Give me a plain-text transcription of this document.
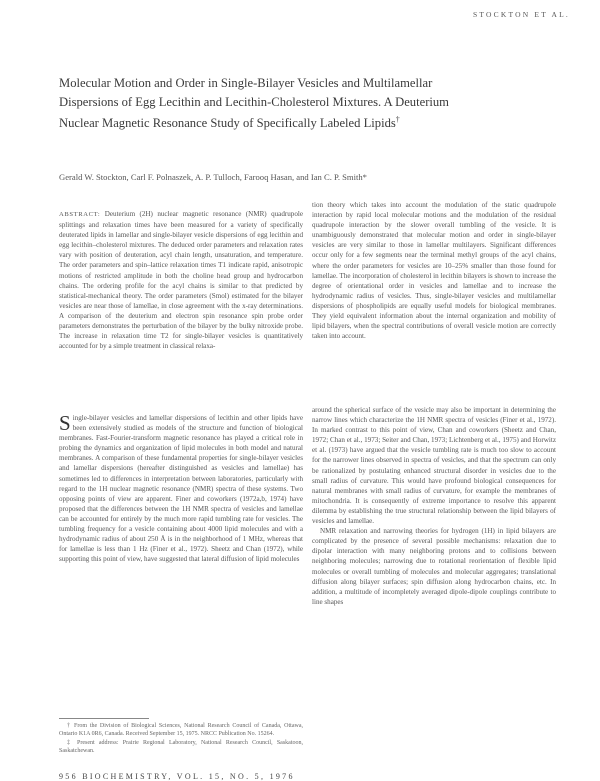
STOCKTON ET AL.
Molecular Motion and Order in Single-Bilayer Vesicles and Multilamellar Dispersions of Egg Lecithin and Lecithin-Cholesterol Mixtures. A Deuterium Nuclear Magnetic Resonance Study of Specifically Labeled Lipids†
Gerald W. Stockton, Carl F. Polnaszek, A. P. Tulloch, Farooq Hasan, and Ian C. P. Smith*

ABSTRACT: Deuterium (2H) nuclear magnetic resonance (NMR) quadrupole splittings and relaxation times have been measured for a variety of specifically deuterated lipids in lamellar and single-bilayer vesicle dispersions of egg lecithin and egg lecithin–cholesterol mixtures. The deduced order parameters and relaxation rates vary with position of deuteration, acyl chain length, unsaturation, and temperature. The order parameters and spin–lattice relaxation times T1 indicate rapid, anisotropic motions of restricted amplitude in both the choline head group and hydrocarbon chains. The ordering profile for the acyl chains is similar to that predicted by statistical-mechanical theory. The order parameters (Smol) estimated for the bilayer vesicles are near those of lamellae, in close agreement with the x-ray determinations. A comparison of the deuterium and electron spin resonance spin probe order parameters demonstrates the perturbation of the bilayer by the bulky nitroxide probe. The increase in relaxation time T2 for single-bilayer vesicles is quantitatively accounted for by a simple treatment in classical relaxa-

tion theory which takes into account the modulation of the static quadrupole interaction by rapid local molecular motions and the modulation of the residual quadrupole interaction by the slower overall tumbling of the vesicle. It is unambiguously demonstrated that molecular motion and order in single-bilayer vesicles are very similar to those in lamellar multilayers. Significant differences occur only for a few segments near the terminal methyl groups of the acyl chains, where the order parameters for vesicles are 10–25% smaller than those found for lamellae. The incorporation of cholesterol in lecithin bilayers is shown to increase the degree of orientational order in vesicles and lamellae and to increase the hydrodynamic radius of vesicles. Thus, single-bilayer vesicles and multilamellar dispersions of phospholipids are equally useful models for biological membranes. They yield equivalent information about the internal organization and mobility of lipid bilayers, when the spectral contributions of overall vesicle motion are correctly taken into account.

Single-bilayer vesicles and lamellar dispersions of lecithin and other lipids have been extensively studied as models of the structure and function of biological membranes. Fast-Fourier-transform magnetic resonance has played a critical role in probing the dynamics and organization of lipid molecules in both model and natural membranes. A comparison of these fundamental properties for single-bilayer vesicles and lamellar dispersions (hereafter distinguished as vesicles and lamellae) has sometimes led to differences in interpretation between laboratories, particularly with regard to the 1H nuclear magnetic resonance (NMR) spectra of these systems. Two opposing points of view are apparent. Finer and coworkers (1972a,b, 1974) have proposed that the differences between the 1H NMR spectra of vesicles and lamellae can be accounted for entirely by the much more rapid tumbling rate for vesicles. The tumbling frequency for a vesicle containing about 4000 lipid molecules and with a hydrodynamic radius of about 250 Å is in the neighborhood of 1 MHz, whereas that for lamellae is less than 1 Hz (Finer et al., 1972). Sheetz and Chan (1972), while supporting this point of view, have suggested that lateral diffusion of lipid molecules

around the spherical surface of the vesicle may also be important in determining the narrow lines which characterize the 1H NMR spectra of vesicles (Finer et al., 1972). In marked contrast to this point of view, Chan and coworkers (Sheetz and Chan, 1972; Chan et al., 1973; Seiter and Chan, 1973; Lichtenberg et al., 1975) and Horwitz et al. (1973) have argued that the vesicle tumbling rate is much too slow to account for the narrower lines observed in spectra of vesicles, and that the spectrum can only be rationalized by postulating enhanced structural disorder in vesicles due to the small radius of curvature. This would have profound biological consequences for natural membranes with small radius of curvature, for example the membranes of mitochondria. It is consequently of extreme importance to resolve this apparent dilemma by establishing the true structural relationship between the lipid bilayers of vesicles and lamellae.

NMR relaxation and narrowing theories for hydrogen (1H) in lipid bilayers are complicated by the presence of several possible mechanisms: relaxation due to dipolar interaction with many neighboring protons and to collisions between neighboring molecules; narrowing due to rotational reorientation of flexible lipid molecules or overall tumbling of molecules and molecular aggregates; translational diffusion along bilayer surfaces; spin diffusion along hydrocarbon chains, etc. In addition, a multitude of incompletely averaged dipole-dipole couplings contribute to line shapes

† From the Division of Biological Sciences, National Research Council of Canada, Ottawa, Ontario K1A 0R6, Canada. Received September 15, 1975. NRCC Publication No. 15264.

‡ Present address: Prairie Regional Laboratory, National Research Council, Saskatoon, Saskatchewan.

956 BIOCHEMISTRY, VOL. 15, NO. 5, 1976
